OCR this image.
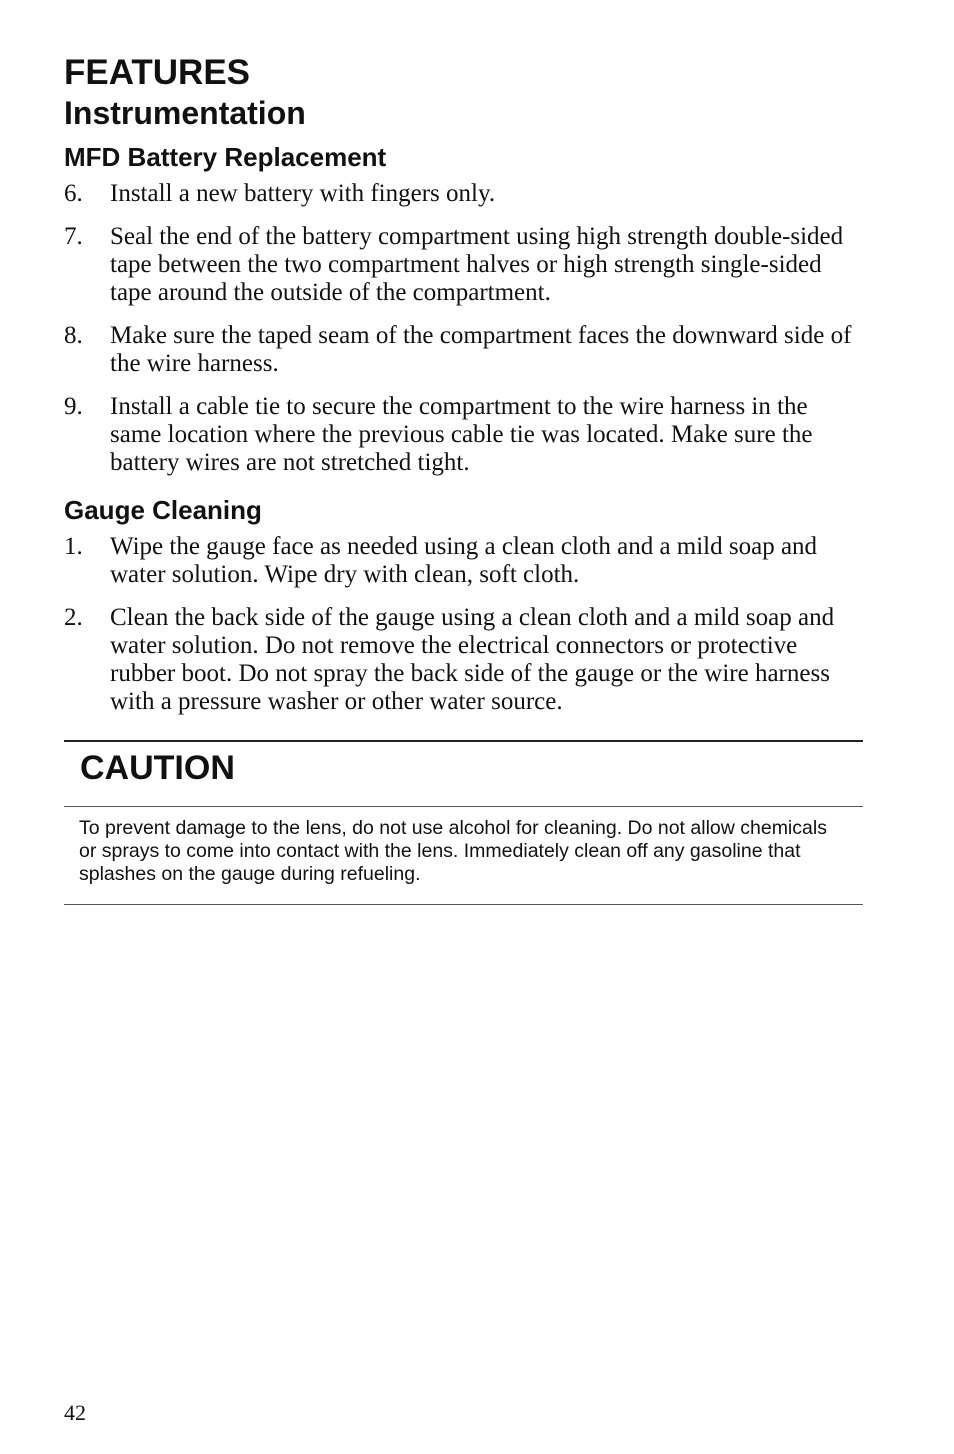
FEATURES
Instrumentation
MFD Battery Replacement
6. Install a new battery with fingers only.
7. Seal the end of the battery compartment using high strength double-sided tape between the two compartment halves or high strength single-sided tape around the outside of the compartment.
8. Make sure the taped seam of the compartment faces the downward side of the wire harness.
9. Install a cable tie to secure the compartment to the wire harness in the same location where the previous cable tie was located. Make sure the battery wires are not stretched tight.
Gauge Cleaning
1. Wipe the gauge face as needed using a clean cloth and a mild soap and water solution. Wipe dry with clean, soft cloth.
2. Clean the back side of the gauge using a clean cloth and a mild soap and water solution. Do not remove the electrical connectors or protective rubber boot. Do not spray the back side of the gauge or the wire harness with a pressure washer or other water source.
CAUTION

To prevent damage to the lens, do not use alcohol for cleaning. Do not allow chemicals or sprays to come into contact with the lens. Immediately clean off any gasoline that splashes on the gauge during refueling.

42
